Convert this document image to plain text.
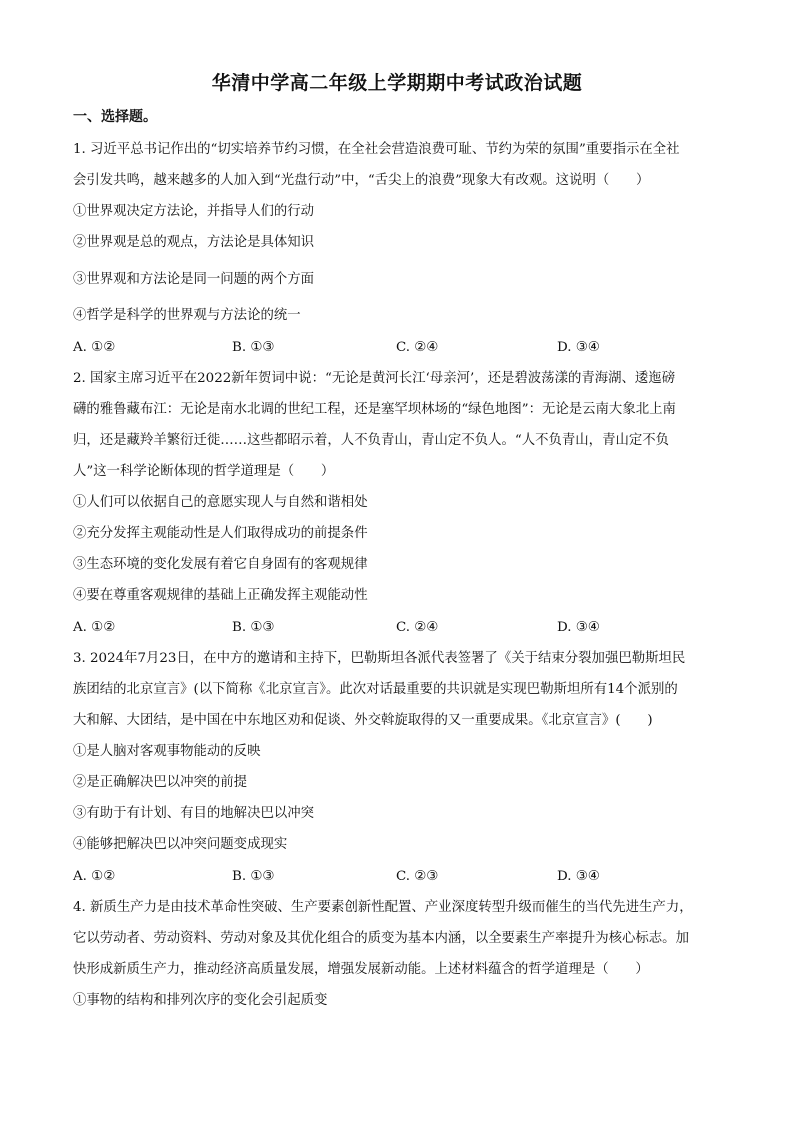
华清中学高二年级上学期期中考试政治试题
一、选择题。
1. 习近平总书记作出的“切实培养节约习惯，在全社会营造浪费可耻、节约为荣的氛围”重要指示在全社
会引发共鸣，越来越多的人加入到“光盘行动”中，“舌尖上的浪费”现象大有改观。这说明（　　）
①世界观决定方法论，并指导人们的行动
②世界观是总的观点，方法论是具体知识
③世界观和方法论是同一问题的两个方面
④哲学是科学的世界观与方法论的统一
A. ①②	B. ①③	C. ②④	D. ③④
2. 国家主席习近平在2022新年贺词中说：“无论是黄河长江‘母亲河’，还是碧波荡漾的青海湖、逶迤磅
礴的雅鲁藏布江：无论是南水北调的世纪工程，还是塞罕坝林场的“绿色地图”：无论是云南大象北上南
归，还是藏羚羊繁衍迁徙……这些都昭示着，人不负青山，青山定不负人。“人不负青山，青山定不负
人”这一科学论断体现的哲学道理是（　　）
①人们可以依据自己的意愿实现人与自然和谐相处
②充分发挥主观能动性是人们取得成功的前提条件
③生态环境的变化发展有着它自身固有的客观规律
④要在尊重客观规律的基础上正确发挥主观能动性
A. ①②	B. ①③	C. ②④	D. ③④
3. 2024年7月23日，在中方的邀请和主持下，巴勒斯坦各派代表签署了《关于结束分裂加强巴勒斯坦民
族团结的北京宣言》(以下简称《北京宣言》。此次对话最重要的共识就是实现巴勒斯坦所有14个派别的
大和解、大团结，是中国在中东地区劝和促谈、外交斡旋取得的又一重要成果。《北京宣言》(　　)
①是人脑对客观事物能动的反映
②是正确解决巴以冲突的前提
③有助于有计划、有目的地解决巴以冲突
④能够把解决巴以冲突问题变成现实
A. ①②	B. ①③	C. ②③	D. ③④
4. 新质生产力是由技术革命性突破、生产要素创新性配置、产业深度转型升级而催生的当代先进生产力，
它以劳动者、劳动资料、劳动对象及其优化组合的质变为基本内涵，以全要素生产率提升为核心标志。加
快形成新质生产力，推动经济高质量发展，增强发展新动能。上述材料蕴含的哲学道理是（　　）
①事物的结构和排列次序的变化会引起质变
